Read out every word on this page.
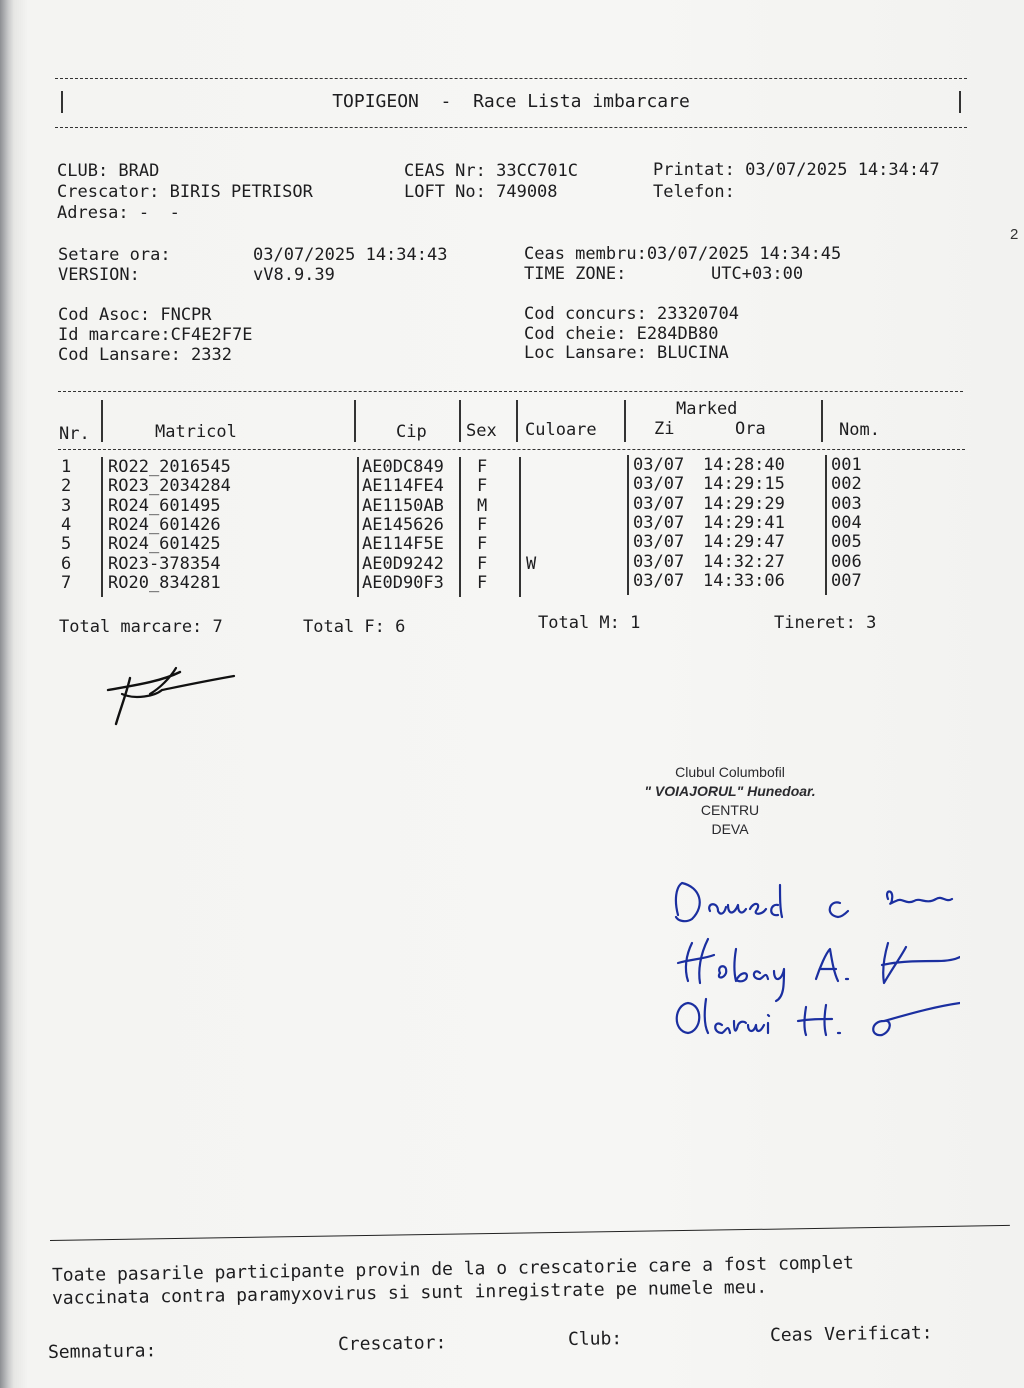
2
TOPIGEON  -  Race Lista imbarcare
CLUB: BRAD
Crescator: BIRIS PETRISOR
Adresa: -  -
CEAS Nr: 33CC701C
LOFT No: 749008
Printat: 03/07/2025 14:34:47
Telefon:
Setare ora:	03/07/2025 14:34:43
VERSION:	vV8.9.39
Ceas membru:03/07/2025 14:34:45
TIME ZONE:	UTC+03:00
Cod Asoc: FNCPR
Id marcare:CF4E2F7E
Cod Lansare: 2332
Cod concurs: 23320704
Cod cheie: E284DB80
Loc Lansare: BLUCINA
Nr.	Matricol	Cip Sex Culoare
Marked
Zi	Ora	Nom.
1 RO22_2016545	AE0DC849 F	03/07 14:28:40	001
2 RO23_2034284	AE114FE4 F	03/07 14:29:15	002
3 RO24_601495	AE1150AB M	03/07 14:29:29	003
4 RO24_601426	AE145626 F	03/07 14:29:41	004
5 RO24_601425	AE114F5E F	03/07 14:29:47	005
6 RO23-378354	AE0D9242 F W	03/07 14:32:27	006
7 RO20_834281	AE0D90F3 F	03/07 14:33:06	007
Total marcare: 7	Total F: 6	Total M: 1	Tineret: 3
Clubul Columbofil
" VOIAJORUL" Hunedoar.
CENTRU
DEVA
Toate pasarile participante provin de la o crescatorie care a fost complet
vaccinata contra paramyxovirus si sunt inregistrate pe numele meu.
Semnatura:	Crescator:	Club:	Ceas Verificat:
